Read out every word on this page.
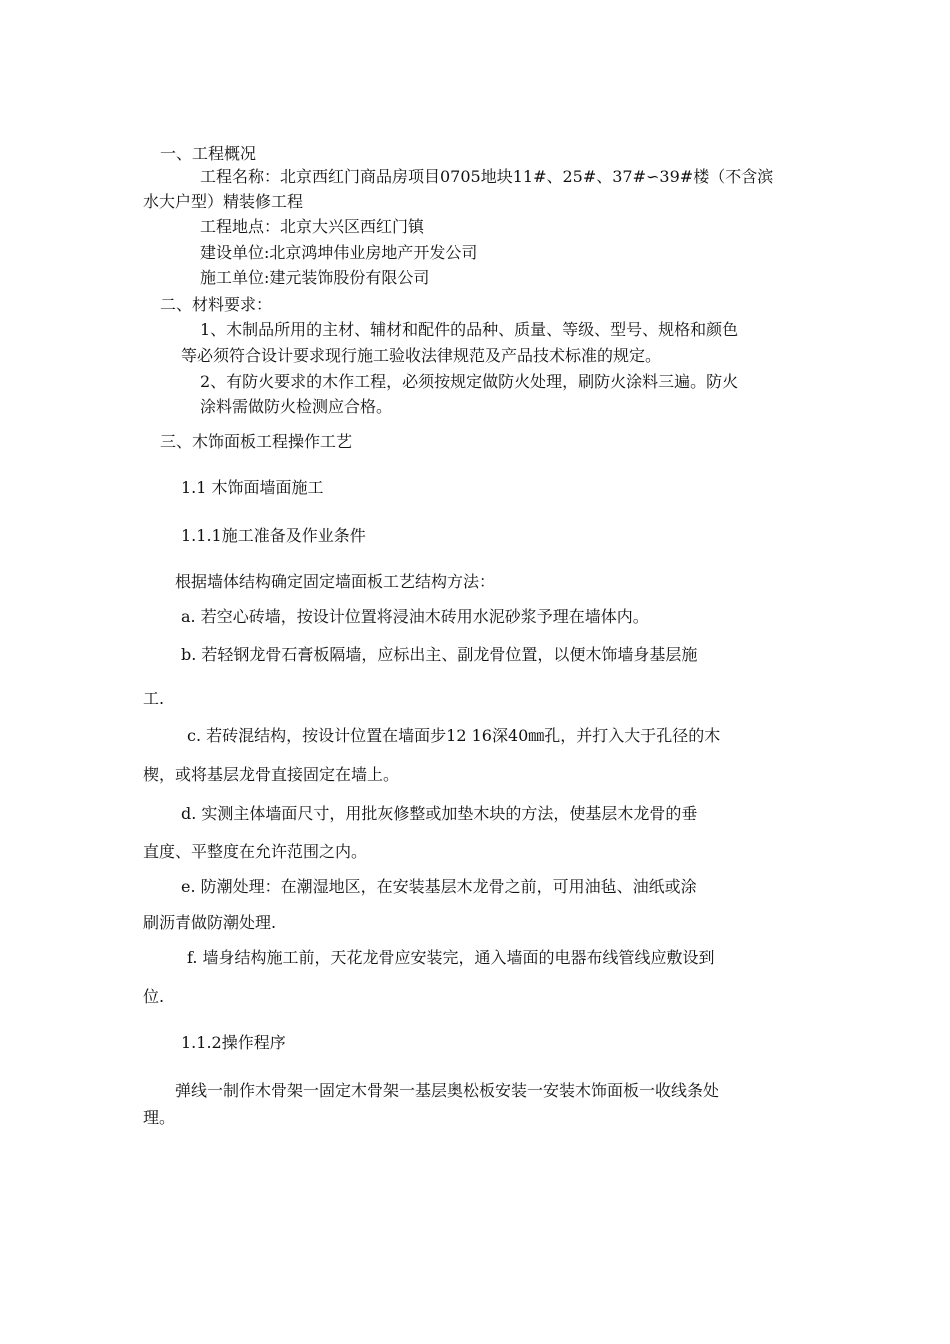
一、工程概况
工程名称：北京西红门商品房项目0705地块11#、25#、37#∽39#楼（不含滨
水大户型）精装修工程
工程地点：北京大兴区西红门镇
建设单位:北京鸿坤伟业房地产开发公司
施工单位:建元装饰股份有限公司
二、材料要求：
1、木制品所用的主材、辅材和配件的品种、质量、等级、型号、规格和颜色
等必须符合设计要求现行施工验收法律规范及产品技术标准的规定。
2、有防火要求的木作工程，必须按规定做防火处理，刷防火涂料三遍。防火
涂料需做防火检测应合格。
三、木饰面板工程操作工艺
1.1 木饰面墙面施工
1.1.1施工准备及作业条件
根据墙体结构确定固定墙面板工艺结构方法：
a. 若空心砖墙，按设计位置将浸油木砖用水泥砂浆予理在墙体内。
b. 若轻钢龙骨石膏板隔墙，应标出主、副龙骨位置，以便木饰墙身基层施
工.
c. 若砖混结构，按设计位置在墙面步12 16深40㎜孔，并打入大于孔径的木
楔，或将基层龙骨直接固定在墙上。
d. 实测主体墙面尺寸，用批灰修整或加垫木块的方法，使基层木龙骨的垂
直度、平整度在允许范围之内。
e. 防潮处理：在潮湿地区，在安装基层木龙骨之前，可用油毡、油纸或涂
刷沥青做防潮处理.
f. 墙身结构施工前，天花龙骨应安装完，通入墙面的电器布线管线应敷设到
位.
1.1.2操作程序
弹线一制作木骨架一固定木骨架一基层奥松板安装一安装木饰面板一收线条处
理。
